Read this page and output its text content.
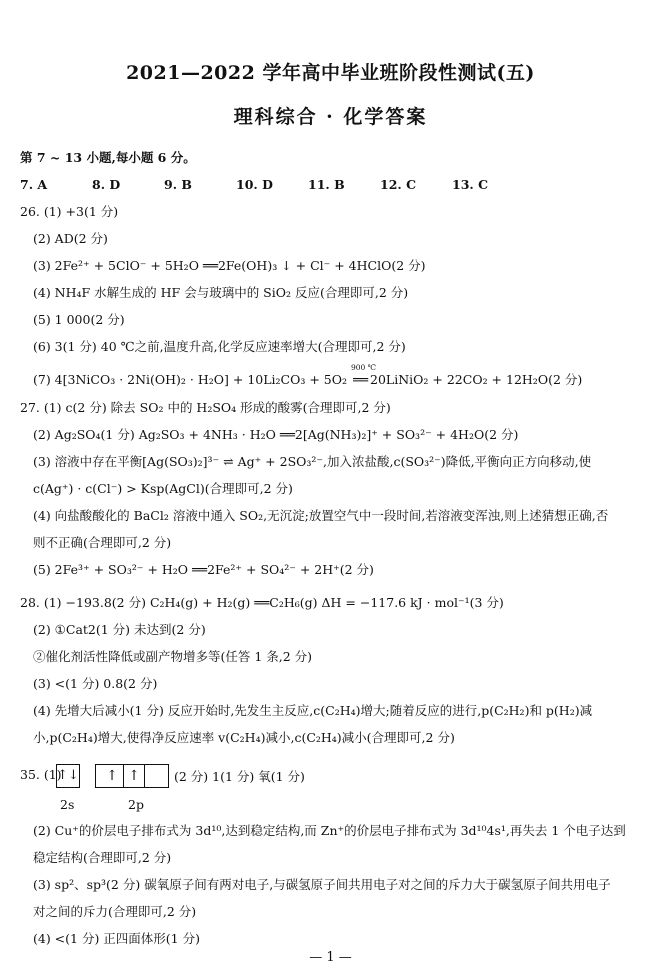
2021—2022 学年高中毕业班阶段性测试(五)
理科综合 · 化学答案
第 7 ~ 13 小题,每小题 6 分。
7. A	8. D	9. B	10. D	11. B	12. C	13. C
26. (1) +3(1 分)
(2) AD(2 分)
(3) 2Fe²⁺ + 5ClO⁻ + 5H₂O ══2Fe(OH)₃ ↓ + Cl⁻ + 4HClO(2 分)
(4) NH₄F 水解生成的 HF 会与玻璃中的 SiO₂ 反应(合理即可,2 分)
(5) 1 000(2 分)
(6) 3(1 分) 40 ℃之前,温度升高,化学反应速率增大(合理即可,2 分)
(7) 4[3NiCO₃ · 2Ni(OH)₂ · H₂O] + 10Li₂CO₃ + 5O₂
900 ℃
══ 20LiNiO₂ + 22CO₂ + 12H₂O(2 分)
27. (1) c(2 分) 除去 SO₂ 中的 H₂SO₄ 形成的酸雾(合理即可,2 分)
(2) Ag₂SO₄(1 分) Ag₂SO₃ + 4NH₃ · H₂O ══2[Ag(NH₃)₂]⁺ + SO₃²⁻ + 4H₂O(2 分)
(3) 溶液中存在平衡[Ag(SO₃)₂]³⁻ ⇌ Ag⁺ + 2SO₃²⁻,加入浓盐酸,c(SO₃²⁻)降低,平衡向正方向移动,使
c(Ag⁺) · c(Cl⁻) > Ksp(AgCl)(合理即可,2 分)
(4) 向盐酸酸化的 BaCl₂ 溶液中通入 SO₂,无沉淀;放置空气中一段时间,若溶液变浑浊,则上述猜想正确,否
则不正确(合理即可,2 分)
(5) 2Fe³⁺ + SO₃²⁻ + H₂O ══2Fe²⁺ + SO₄²⁻ + 2H⁺(2 分)
28. (1) −193.8(2 分) C₂H₄(g) + H₂(g) ══C₂H₆(g) ΔH = −117.6 kJ · mol⁻¹(3 分)
(2) ①Cat2(1 分) 未达到(2 分)
②催化剂活性降低或副产物增多等(任答 1 条,2 分)
(3) <(1 分) 0.8(2 分)
(4) 先增大后减小(1 分) 反应开始时,先发生主反应,c(C₂H₄)增大;随着反应的进行,p(C₂H₂)和 p(H₂)减
小,p(C₂H₄)增大,使得净反应速率 v(C₂H₄)减小,c(C₂H₄)减小(合理即可,2 分)
35. (1)
↑↓ ↑ ↑	(2 分) 1(1 分) 氧(1 分)
2s	2p
(2) Cu⁺的价层电子排布式为 3d¹⁰,达到稳定结构,而 Zn⁺的价层电子排布式为 3d¹⁰4s¹,再失去 1 个电子达到
稳定结构(合理即可,2 分)
(3) sp²、sp³(2 分) 碳氧原子间有两对电子,与碳氢原子间共用电子对之间的斥力大于碳氢原子间共用电子
对之间的斥力(合理即可,2 分)
(4) <(1 分) 正四面体形(1 分)
— 1 —
